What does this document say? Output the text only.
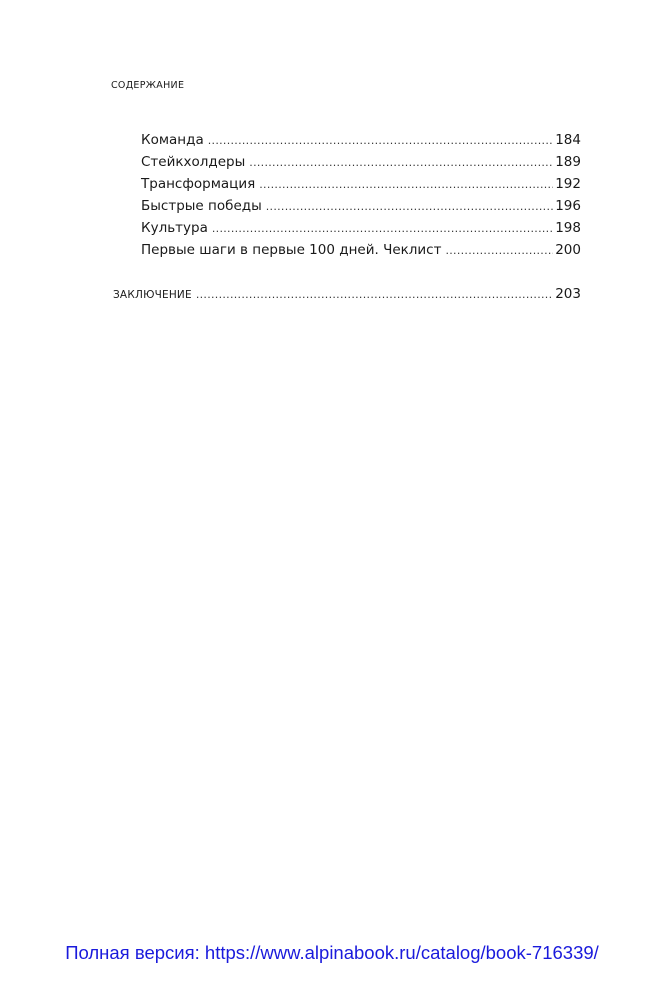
СОДЕРЖАНИЕ
Команда . . .	184
Стейкхолдеры . . .	189
Трансформация . . .	192
Быстрые победы . . .	196
Культура . . .	198
Первые шаги в первые 100 дней. Чеклист . . .	200
ЗАКЛЮЧЕНИЕ . . .	203
Полная версия: https://www.alpinabook.ru/catalog/book-716339/
